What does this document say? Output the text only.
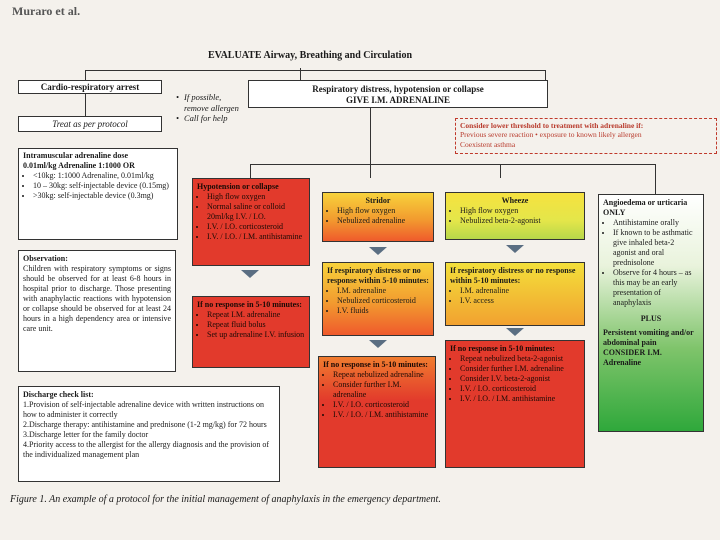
Muraro et al.
EVALUATE Airway, Breathing and Circulation
Cardio-respiratory arrest
Treat as per protocol
• If possible, remove allergen
• Call for help
Respiratory distress, hypotension or collapse
GIVE I.M. ADRENALINE
Consider lower threshold to treatment with adrenaline if:
Previous severe reaction • exposure to known likely allergen
Coexistent asthma
Intramuscular adrenaline dose
0.01ml/kg Adrenaline 1:1000 OR
• <10kg: 1:1000 Adrenaline, 0.01ml/kg
• 10 – 30kg: self-injectable device (0.15mg)
• >30kg: self-injectable device (0.3mg)
Observation:
Children with respiratory symptoms or signs should be observed for at least 6-8 hours in hospital prior to discharge. Those presenting with anaphylactic reactions with hypotension or collapse should be observed for at least 24 hours in a high dependency area or intensive care unit.
Discharge check list:
1.Provision of self-injectable adrenaline device with written instructions on how to administer it correctly
2.Discharge therapy: antihistamine and prednisone (1-2 mg/kg) for 72 hours
3.Discharge letter for the family doctor
4.Priority access to the allergist for the allergy diagnosis and the provision of the individualized management plan
Hypotension or collapse
• High flow oxygen
• Normal saline or colloid 20ml/kg I.V. / I.O.
• I.V. / I.O. corticosteroid
• I.V. / I.O. / I.M. antihistamine
If no response in 5-10 minutes:
• Repeat I.M. adrenaline
• Repeat fluid bolus
• Set up adrenaline I.V. infusion
Stridor
• High flow oxygen
• Nebulized adrenaline
If respiratory distress or no response within 5-10 minutes:
• I.M. adrenaline
• Nebulized corticosteroid
• I.V. fluids
If no response in 5-10 minutes:
• Repeat nebulized adrenaline
• Consider further I.M. adrenaline
• I.V. / I.O. corticosteroid
• I.V. / I.O. / I.M. antihistamine
Wheeze
• High flow oxygen
• Nebulized beta-2-agonist
If respiratory distress or no response within 5-10 minutes:
• I.M. adrenaline
• I.V. access
If no response in 5-10 minutes:
• Repeat nebulized beta-2-agonist
• Consider further I.M. adrenaline
• Consider I.V. beta-2-agonist
• I.V. / I.O. corticosteroid
• I.V. / I.O. / I.M. antihistamine
Angioedema or urticaria ONLY
• Antihistamine orally
• If known to be asthmatic give inhaled beta-2 agonist and oral prednisolone
• Observe for 4 hours – as this may be an early presentation of anaphylaxis
PLUS
Persistent vomiting and/or abdominal pain CONSIDER I.M. Adrenaline
Figure 1. An example of a protocol for the initial management of anaphylaxis in the emergency department.
